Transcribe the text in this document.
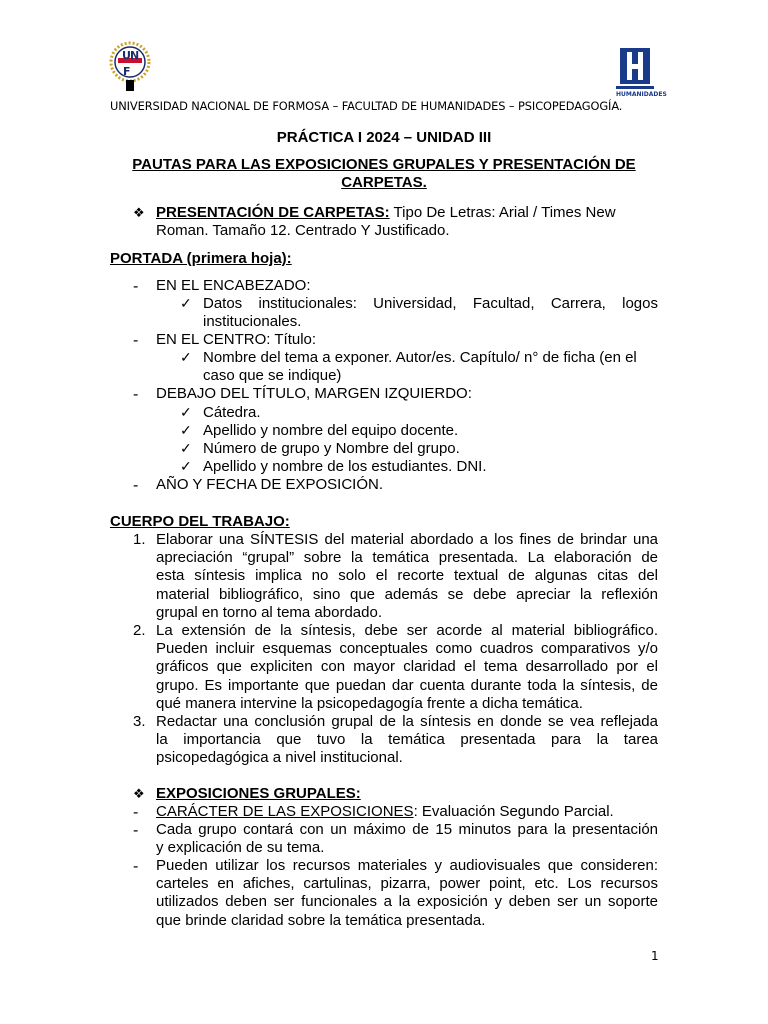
U N
F
HUMANIDADES
UNIVERSIDAD NACIONAL DE FORMOSA – FACULTAD DE HUMANIDADES – PSICOPEDAGOGÍA.
PRÁCTICA I 2024 – UNIDAD III
PAUTAS PARA LAS EXPOSICIONES GRUPALES Y PRESENTACIÓN DE CARPETAS.
❖ PRESENTACIÓN DE CARPETAS: Tipo De Letras: Arial / Times New
Roman. Tamaño 12. Centrado Y Justificado.
PORTADA (primera hoja):
- EN EL ENCABEZADO:
✓ Datos institucionales: Universidad, Facultad, Carrera, logos
institucionales.
- EN EL CENTRO: Título:
✓ Nombre del tema a exponer. Autor/es. Capítulo/ n° de ficha (en el
caso que se indique)
- DEBAJO DEL TÍTULO, MARGEN IZQUIERDO:
✓ Cátedra.
✓ Apellido y nombre del equipo docente.
✓ Número de grupo y Nombre del grupo.
✓ Apellido y nombre de los estudiantes. DNI.
- AÑO Y FECHA DE EXPOSICIÓN.
CUERPO DEL TRABAJO:
1. Elaborar una SÍNTESIS del material abordado a los fines de brindar una
apreciación “grupal” sobre la temática presentada. La elaboración de
esta síntesis implica no solo el recorte textual de algunas citas del
material bibliográfico, sino que además se debe apreciar la reflexión
grupal en torno al tema abordado.
2. La extensión de la síntesis, debe ser acorde al material bibliográfico.
Pueden incluir esquemas conceptuales como cuadros comparativos y/o
gráficos que expliciten con mayor claridad el tema desarrollado por el
grupo. Es importante que puedan dar cuenta durante toda la síntesis, de
qué manera intervine la psicopedagogía frente a dicha temática.
3. Redactar una conclusión grupal de la síntesis en donde se vea reflejada
la importancia que tuvo la temática presentada para la tarea
psicopedagógica a nivel institucional.
❖ EXPOSICIONES GRUPALES:
- CARÁCTER DE LAS EXPOSICIONES: Evaluación Segundo Parcial.
- Cada grupo contará con un máximo de 15 minutos para la presentación
y explicación de su tema.
- Pueden utilizar los recursos materiales y audiovisuales que consideren:
carteles en afiches, cartulinas, pizarra, power point, etc. Los recursos
utilizados deben ser funcionales a la exposición y deben ser un soporte
que brinde claridad sobre la temática presentada.
1
